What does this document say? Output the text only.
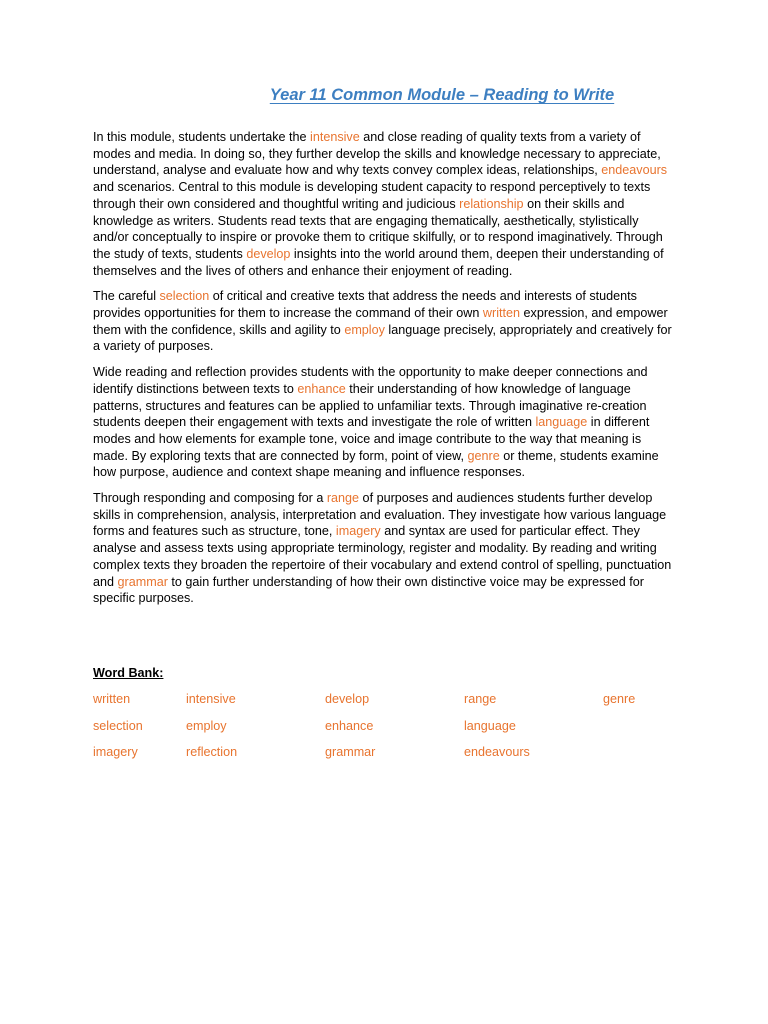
Year 11 Common Module – Reading to Write

In this module, students undertake the intensive and close reading of quality texts from a variety of modes and media. In doing so, they further develop the skills and knowledge necessary to appreciate, understand, analyse and evaluate how and why texts convey complex ideas, relationships, endeavours and scenarios. Central to this module is developing student capacity to respond perceptively to texts through their own considered and thoughtful writing and judicious relationship on their skills and knowledge as writers. Students read texts that are engaging thematically, aesthetically, stylistically and/or conceptually to inspire or provoke them to critique skilfully, or to respond imaginatively. Through the study of texts, students develop insights into the world around them, deepen their understanding of themselves and the lives of others and enhance their enjoyment of reading.

The careful selection of critical and creative texts that address the needs and interests of students provides opportunities for them to increase the command of their own written expression, and empower them with the confidence, skills and agility to employ language precisely, appropriately and creatively for a variety of purposes.

Wide reading and reflection provides students with the opportunity to make deeper connections and identify distinctions between texts to enhance their understanding of how knowledge of language patterns, structures and features can be applied to unfamiliar texts. Through imaginative re-creation students deepen their engagement with texts and investigate the role of written language in different modes and how elements for example tone, voice and image contribute to the way that meaning is made. By exploring texts that are connected by form, point of view, genre or theme, students examine how purpose, audience and context shape meaning and influence responses.

Through responding and composing for a range of purposes and audiences students further develop skills in comprehension, analysis, interpretation and evaluation. They investigate how various language forms and features such as structure, tone, imagery and syntax are used for particular effect. They analyse and assess texts using appropriate terminology, register and modality. By reading and writing complex texts they broaden the repertoire of their vocabulary and extend control of spelling, punctuation and grammar to gain further understanding of how their own distinctive voice may be expressed for specific purposes.

Word Bank:

written	intensive	develop	range	genre
selection	employ	enhance	language
imagery	reflection	grammar	endeavours
